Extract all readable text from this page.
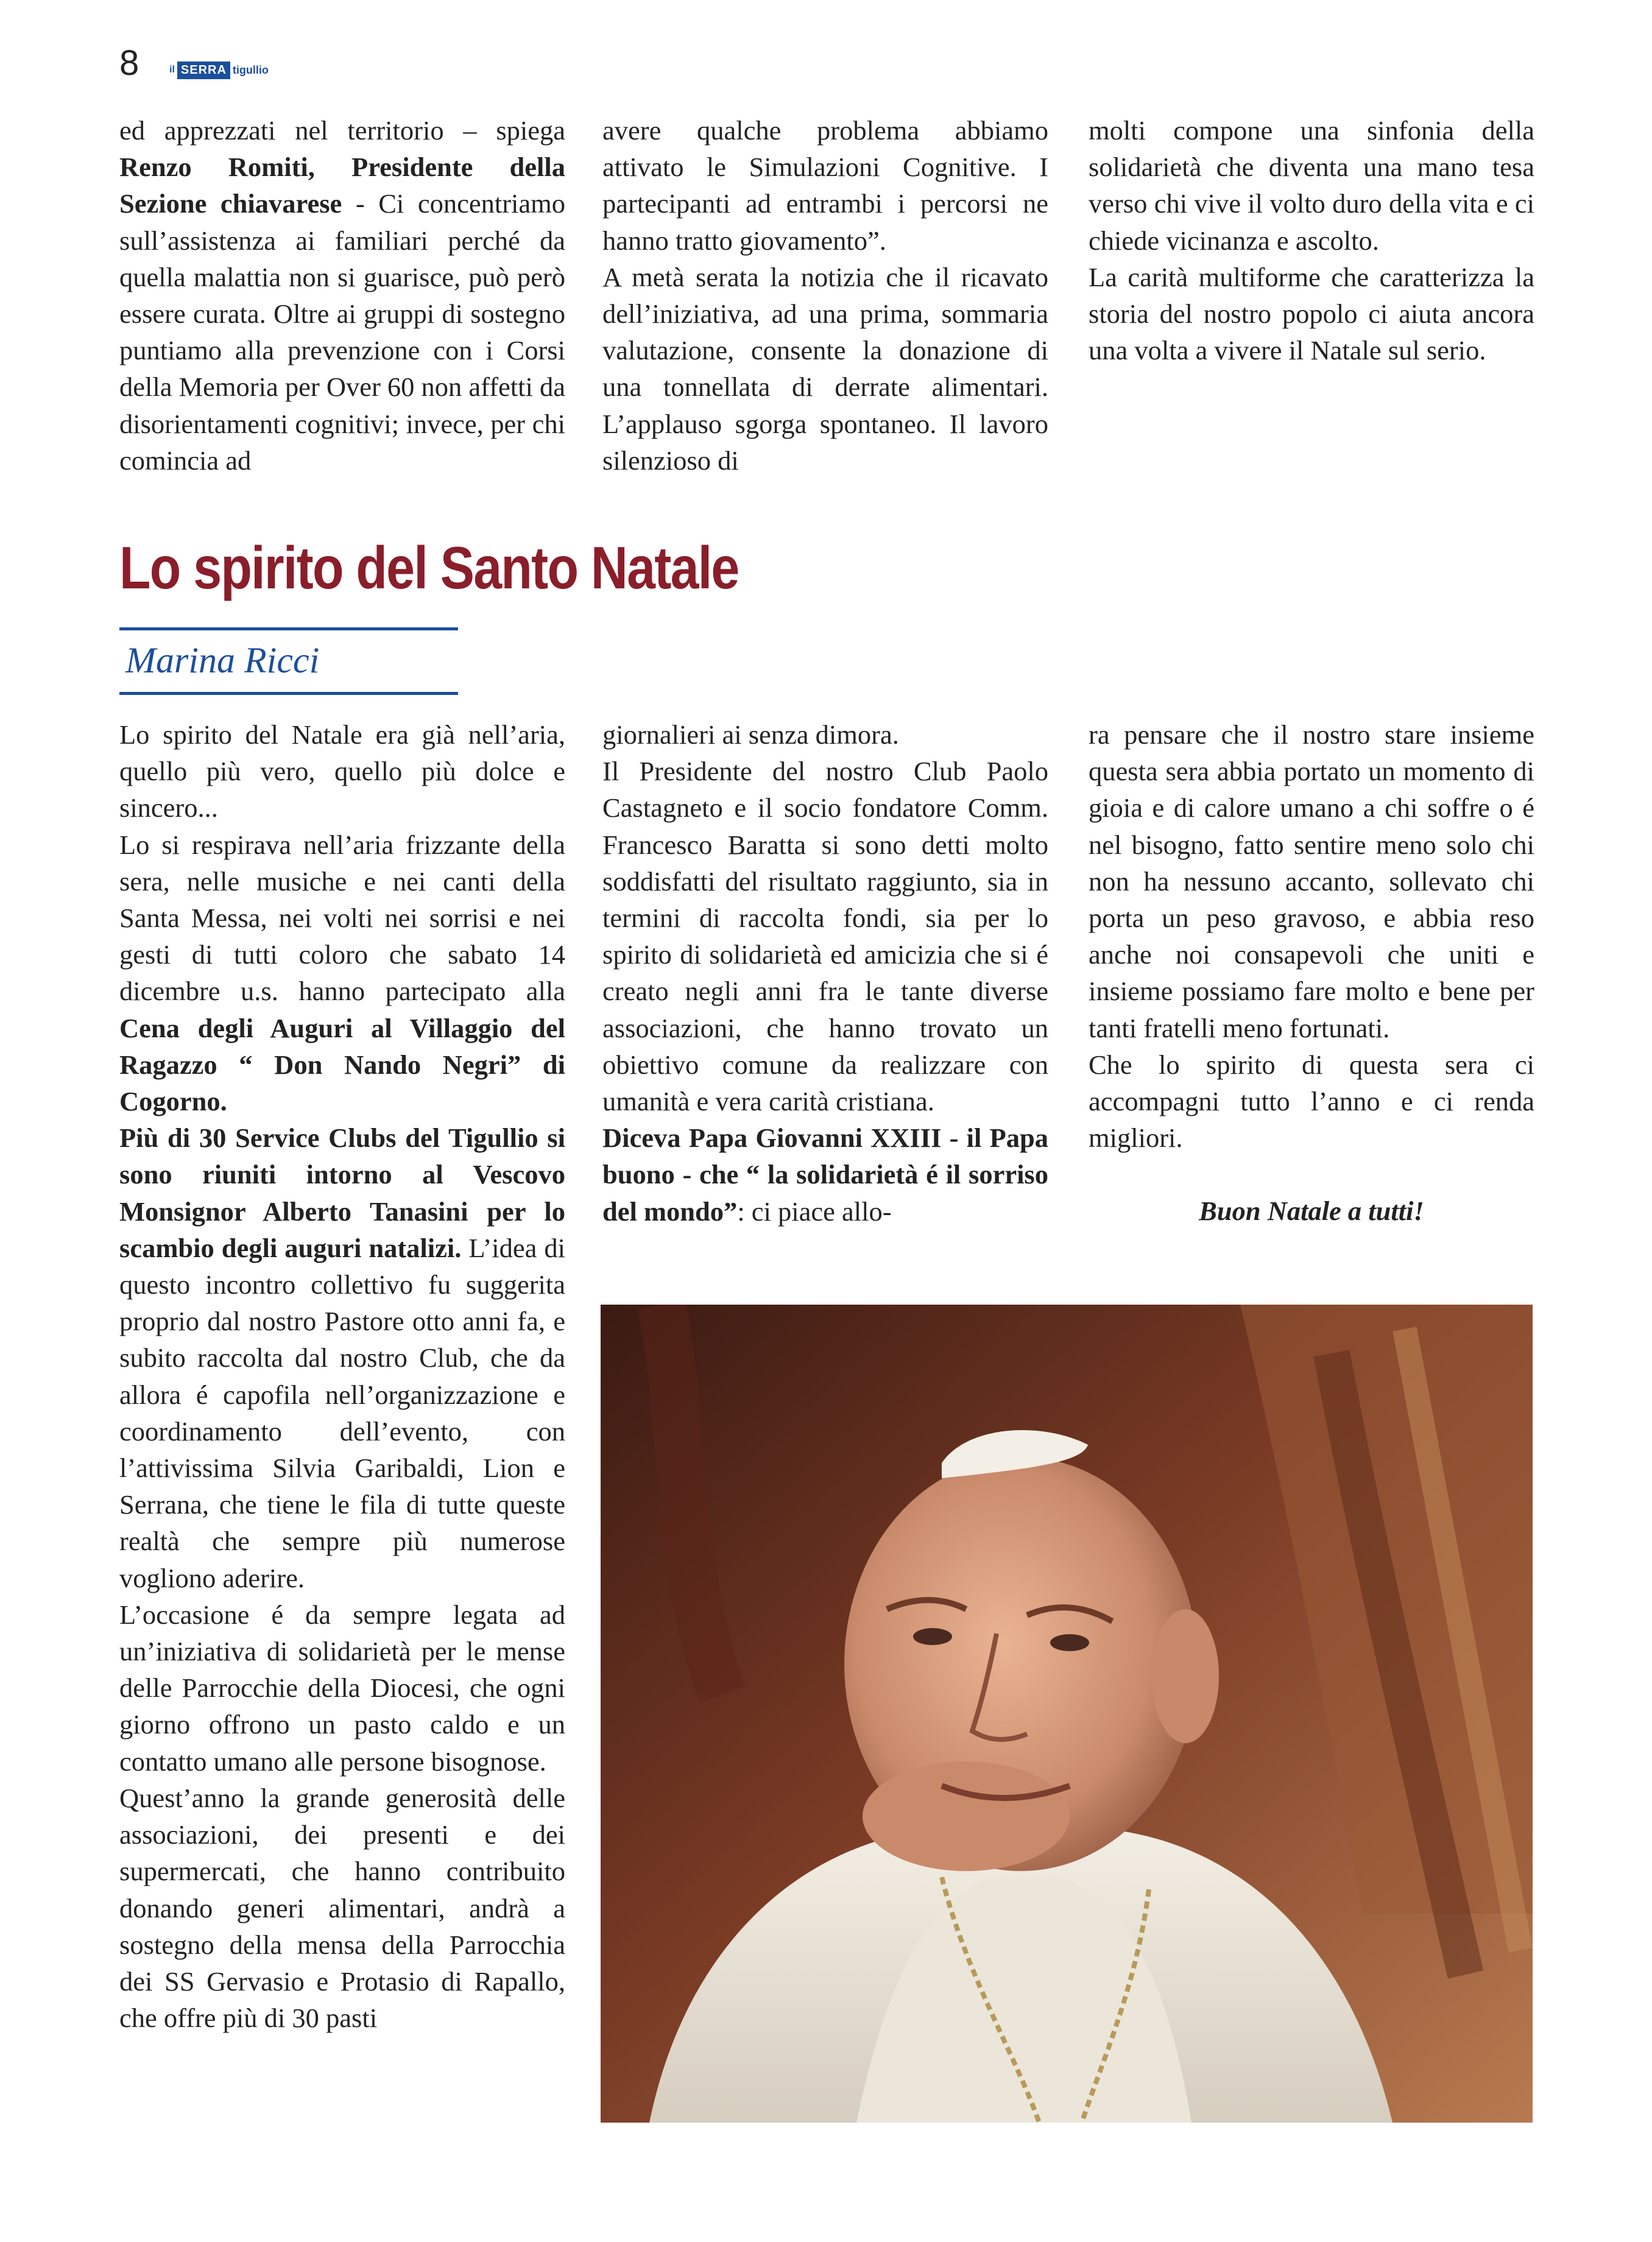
8	il SERRA tigullio

ed apprezzati nel territorio – spiega Renzo Romiti, Presidente della Sezione chiavarese - Ci concentriamo sull’assistenza ai familiari perché da quella malattia non si guarisce, può però essere curata. Oltre ai gruppi di sostegno puntiamo alla prevenzione con i Corsi della Memoria per Over 60 non affetti da disorientamenti cognitivi; invece, per chi comincia ad

avere qualche problema abbiamo attivato le Simulazioni Cognitive. I partecipanti ad entrambi i percorsi ne hanno tratto giovamento”.

A metà serata la notizia che il ricavato dell’iniziativa, ad una prima, sommaria valutazione, consente la donazione di una tonnellata di derrate alimentari. L’applauso sgorga spontaneo. Il lavoro silenzioso di

molti compone una sinfonia della solidarietà che diventa una mano tesa verso chi vive il volto duro della vita e ci chiede vicinanza e ascolto.

La carità multiforme che caratterizza la storia del nostro popolo ci aiuta ancora una volta a vivere il Natale sul serio.

Lo spirito del Santo Natale
Marina Ricci

Lo spirito del Natale era già nell’aria, quello più vero, quello più dolce e sincero...

Lo si respirava nell’aria frizzante della sera, nelle musiche e nei canti della Santa Messa, nei volti nei sorrisi e nei gesti di tutti coloro che sabato 14 dicembre u.s. hanno partecipato alla Cena degli Auguri al Villaggio del Ragazzo “ Don Nando Negri” di Cogorno.

Più di 30 Service Clubs del Tigullio si sono riuniti intorno al Vescovo Monsignor Alberto Tanasini per lo scambio degli auguri natalizi. L’idea di questo incontro collettivo fu suggerita proprio dal nostro Pastore otto anni fa, e subito raccolta dal nostro Club, che da allora é capofila nell’organizzazione e coordinamento dell’evento, con l’attivissima Silvia Garibaldi, Lion e Serrana, che tiene le fila di tutte queste realtà che sempre più numerose vogliono aderire.

L’occasione é da sempre legata ad un’iniziativa di solidarietà per le mense delle Parrocchie della Diocesi, che ogni giorno offrono un pasto caldo e un contatto umano alle persone bisognose.

Quest’anno la grande generosità delle associazioni, dei presenti e dei supermercati, che hanno contribuito donando generi alimentari, andrà a sostegno della mensa della Parrocchia dei SS Gervasio e Protasio di Rapallo, che offre più di 30 pasti

giornalieri ai senza dimora.

Il Presidente del nostro Club Paolo Castagneto e il socio fondatore Comm. Francesco Baratta si sono detti molto soddisfatti del risultato raggiunto, sia in termini di raccolta fondi, sia per lo spirito di solidarietà ed amicizia che si é creato negli anni fra le tante diverse associazioni, che hanno trovato un obiettivo comune da realizzare con umanità e vera carità cristiana.

Diceva Papa Giovanni XXIII - il Papa buono - che “ la solidarietà é il sorriso del mondo”: ci piace allo-

ra pensare che il nostro stare insieme questa sera abbia portato un momento di gioia e di calore umano a chi soffre o é nel bisogno, fatto sentire meno solo chi non ha nessuno accanto, sollevato chi porta un peso gravoso, e abbia reso anche noi consapevoli che uniti e insieme possiamo fare molto e bene per tanti fratelli meno fortunati.

Che lo spirito di questa sera ci accompagni tutto l’anno e ci renda migliori.

Buon Natale a tutti!
